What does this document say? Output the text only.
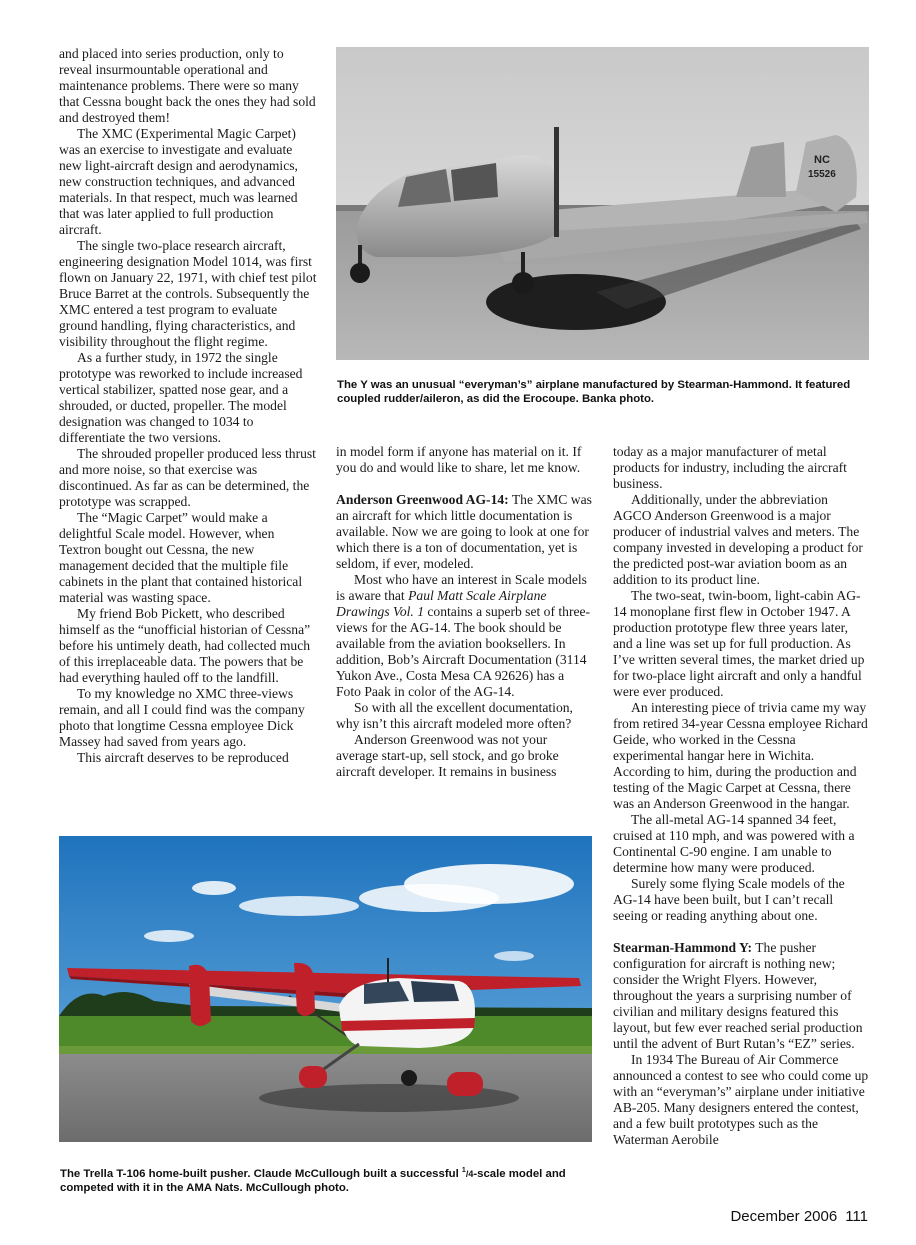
and placed into series production, only to reveal insurmountable operational and maintenance problems. There were so many that Cessna bought back the ones they had sold and destroyed them!

The XMC (Experimental Magic Carpet) was an exercise to investigate and evaluate new light-aircraft design and aerodynamics, new construction techniques, and advanced materials. In that respect, much was learned that was later applied to full production aircraft.

The single two-place research aircraft, engineering designation Model 1014, was first flown on January 22, 1971, with chief test pilot Bruce Barret at the controls. Subsequently the XMC entered a test program to evaluate ground handling, flying characteristics, and visibility throughout the flight regime.

As a further study, in 1972 the single prototype was reworked to include increased vertical stabilizer, spatted nose gear, and a shrouded, or ducted, propeller. The model designation was changed to 1034 to differentiate the two versions.

The shrouded propeller produced less thrust and more noise, so that exercise was discontinued. As far as can be determined, the prototype was scrapped.

The “Magic Carpet” would make a delightful Scale model. However, when Textron bought out Cessna, the new management decided that the multiple file cabinets in the plant that contained historical material was wasting space.

My friend Bob Pickett, who described himself as the “unofficial historian of Cessna” before his untimely death, had collected much of this irreplaceable data. The powers that be had everything hauled off to the landfill.

To my knowledge no XMC three-views remain, and all I could find was the company photo that longtime Cessna employee Dick Massey had saved from years ago.

This aircraft deserves to be reproduced

NC
15526
The Y was an unusual “everyman’s” airplane manufactured by Stearman-Hammond. It featured coupled rudder/aileron, as did the Erocoupe. Banka photo.

in model form if anyone has material on it. If you do and would like to share, let me know.

Anderson Greenwood AG-14: The XMC was an aircraft for which little documentation is available. Now we are going to look at one for which there is a ton of documentation, yet is seldom, if ever, modeled.

Most who have an interest in Scale models is aware that Paul Matt Scale Airplane Drawings Vol. 1 contains a superb set of three-views for the AG-14. The book should be available from the aviation booksellers. In addition, Bob’s Aircraft Documentation (3114 Yukon Ave., Costa Mesa CA 92626) has a Foto Paak in color of the AG-14.

So with all the excellent documentation, why isn’t this aircraft modeled more often?

Anderson Greenwood was not your average start-up, sell stock, and go broke aircraft developer. It remains in business

today as a major manufacturer of metal products for industry, including the aircraft business.

Additionally, under the abbreviation AGCO Anderson Greenwood is a major producer of industrial valves and meters. The company invested in developing a product for the predicted post-war aviation boom as an addition to its product line.

The two-seat, twin-boom, light-cabin AG-14 monoplane first flew in October 1947. A production prototype flew three years later, and a line was set up for full production. As I’ve written several times, the market dried up for two-place light aircraft and only a handful were ever produced.

An interesting piece of trivia came my way from retired 34-year Cessna employee Richard Geide, who worked in the Cessna experimental hangar here in Wichita. According to him, during the production and testing of the Magic Carpet at Cessna, there was an Anderson Greenwood in the hangar.

The all-metal AG-14 spanned 34 feet, cruised at 110 mph, and was powered with a Continental C-90 engine. I am unable to determine how many were produced.

Surely some flying Scale models of the AG-14 have been built, but I can’t recall seeing or reading anything about one.

Stearman-Hammond Y: The pusher configuration for aircraft is nothing new; consider the Wright Flyers. However, throughout the years a surprising number of civilian and military designs featured this layout, but few ever reached serial production until the advent of Burt Rutan’s “EZ” series.

In 1934 The Bureau of Air Commerce announced a contest to see who could come up with an “everyman’s” airplane under initiative AB-205. Many designers entered the contest, and a few built prototypes such as the Waterman Aerobile

The Trella T-106 home-built pusher. Claude McCullough built a successful $^1$/4-scale model and competed with it in the AMA Nats. McCullough photo.
December 2006 111
